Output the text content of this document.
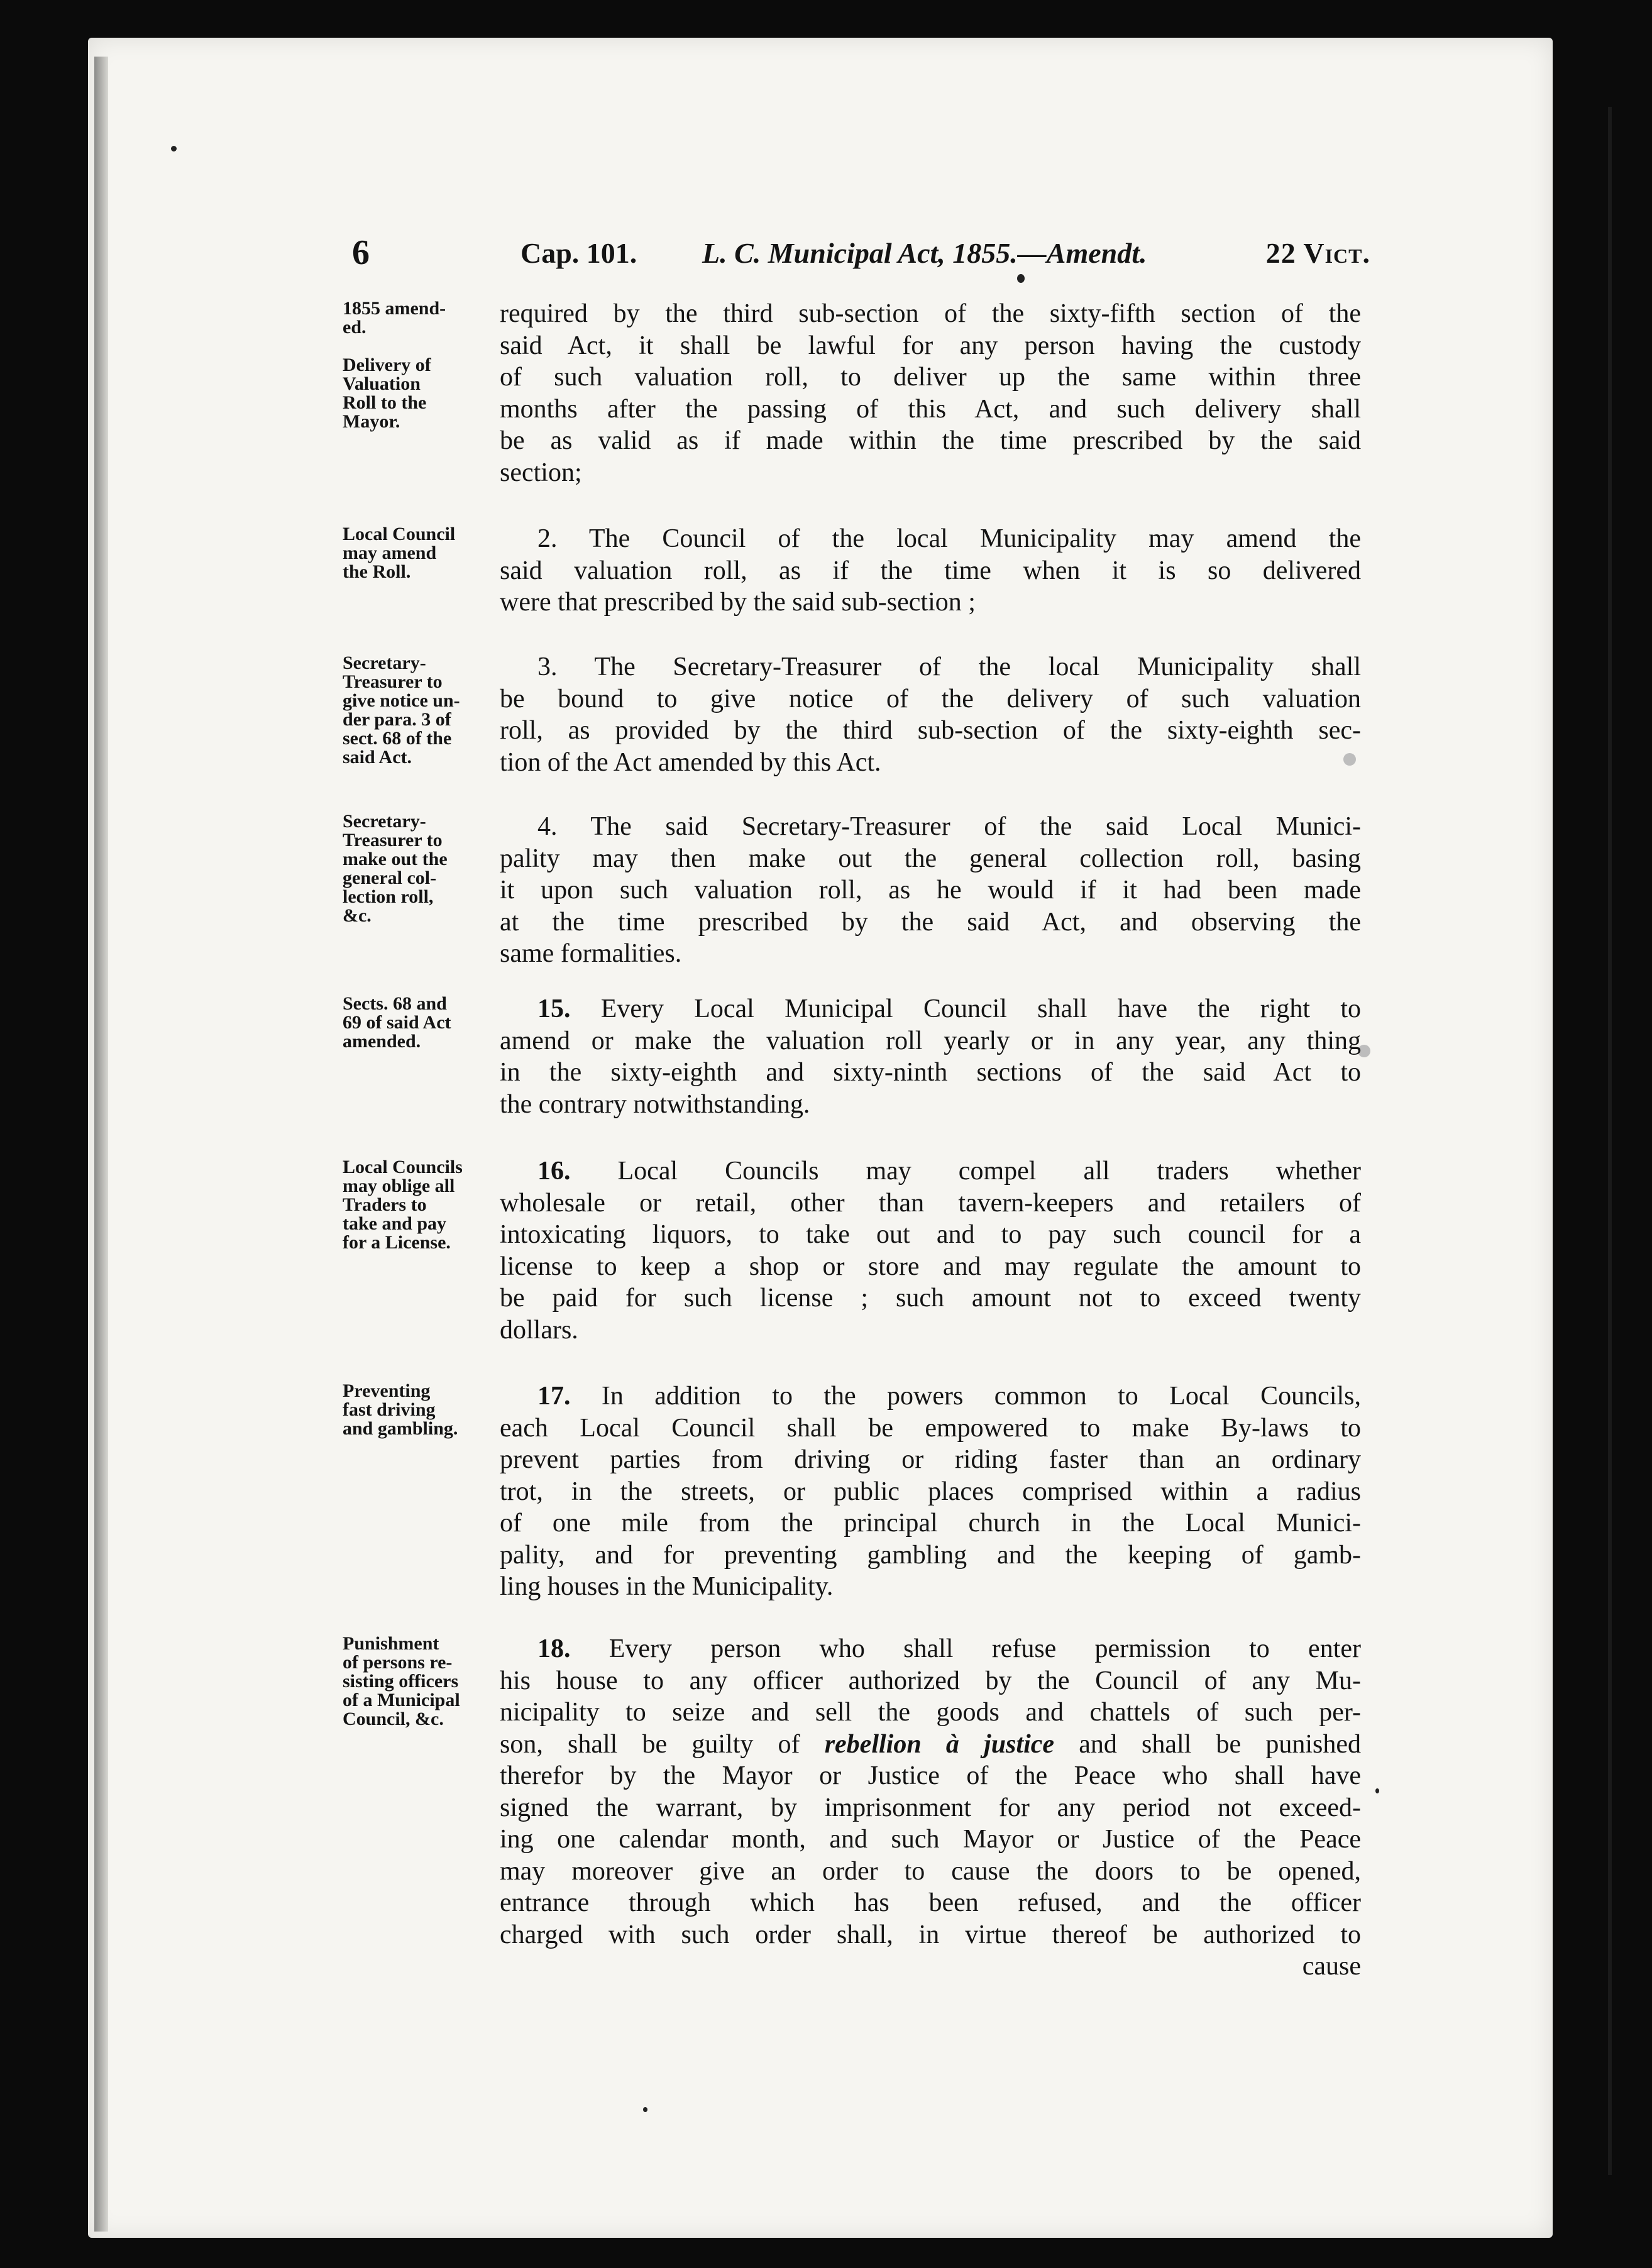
6	Cap. 101. L. C. Municipal Act, 1855.—Amendt.	22 Vict.
1855 amend-
ed.
Delivery of
Valuation
Roll to the
Mayor.
Local Council
may amend
the Roll.
Secretary-
Treasurer to
give notice un-
der para. 3 of
sect. 68 of the
said Act.
Secretary-
Treasurer to
make out the
general col-
lection roll,
&c.
Sects. 68 and
69 of said Act
amended.
Local Councils
may oblige all
Traders to
take and pay
for a License.
Preventing
fast driving
and gambling.
Punishment
of persons re-
sisting officers
of a Municipal
Council, &c.
required by the third sub-section of the sixty-fifth section of the
said Act, it shall be lawful for any person having the custody
of such valuation roll, to deliver up the same within three
months after the passing of this Act, and such delivery shall
be as valid as if made within the time prescribed by the said
section;
2. The Council of the local Municipality may amend the
said valuation roll, as if the time when it is so delivered
were that prescribed by the said sub-section ;
3. The Secretary-Treasurer of the local Municipality shall
be bound to give notice of the delivery of such valuation
roll, as provided by the third sub-section of the sixty-eighth sec-
tion of the Act amended by this Act.
4. The said Secretary-Treasurer of the said Local Munici-
pality may then make out the general collection roll, basing
it upon such valuation roll, as he would if it had been made
at the time prescribed by the said Act, and observing the
same formalities.
15. Every Local Municipal Council shall have the right to
amend or make the valuation roll yearly or in any year, any thing
in the sixty-eighth and sixty-ninth sections of the said Act to
the contrary notwithstanding.
16. Local Councils may compel all traders whether
wholesale or retail, other than tavern-keepers and retailers of
intoxicating liquors, to take out and to pay such council for a
license to keep a shop or store and may regulate the amount to
be paid for such license ; such amount not to exceed twenty
dollars.
17. In addition to the powers common to Local Councils,
each Local Council shall be empowered to make By-laws to
prevent parties from driving or riding faster than an ordinary
trot, in the streets, or public places comprised within a radius
of one mile from the principal church in the Local Munici-
pality, and for preventing gambling and the keeping of gamb-
ling houses in the Municipality.
18. Every person who shall refuse permission to enter
his house to any officer authorized by the Council of any Mu-
nicipality to seize and sell the goods and chattels of such per-
son, shall be guilty of rebellion à justice and shall be punished
therefor by the Mayor or Justice of the Peace who shall have
signed the warrant, by imprisonment for any period not exceed-
ing one calendar month, and such Mayor or Justice of the Peace
may moreover give an order to cause the doors to be opened,
entrance through which has been refused, and the officer
charged with such order shall, in virtue thereof be authorized to
cause
